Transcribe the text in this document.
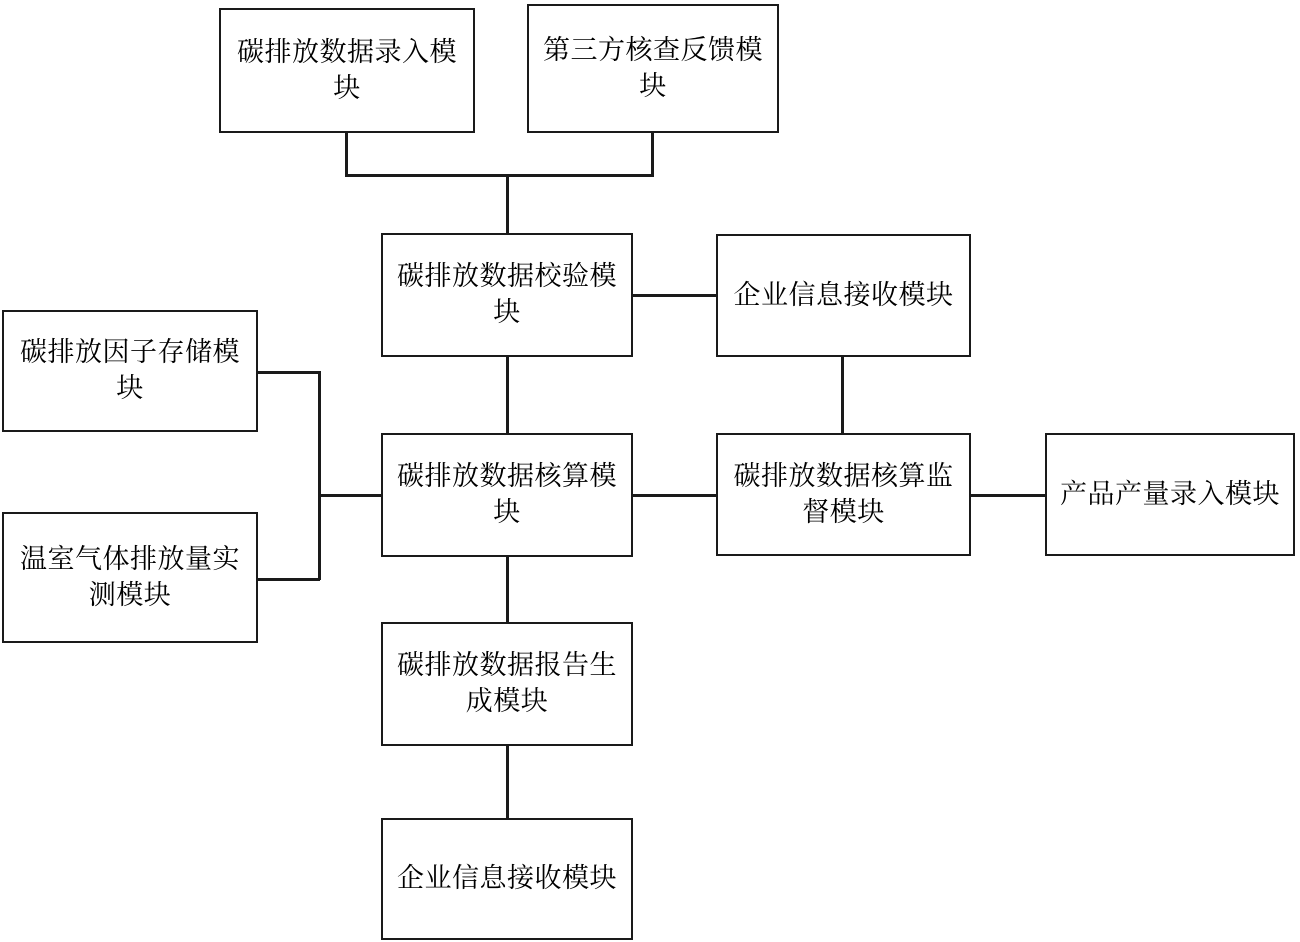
碳排放数据录入模块
第三方核查反馈模块
碳排放数据校验模块
企业信息接收模块
碳排放因子存储模块
温室气体排放量实测模块
碳排放数据核算模块
碳排放数据核算监督模块
产品产量录入模块
碳排放数据报告生成模块
企业信息接收模块
